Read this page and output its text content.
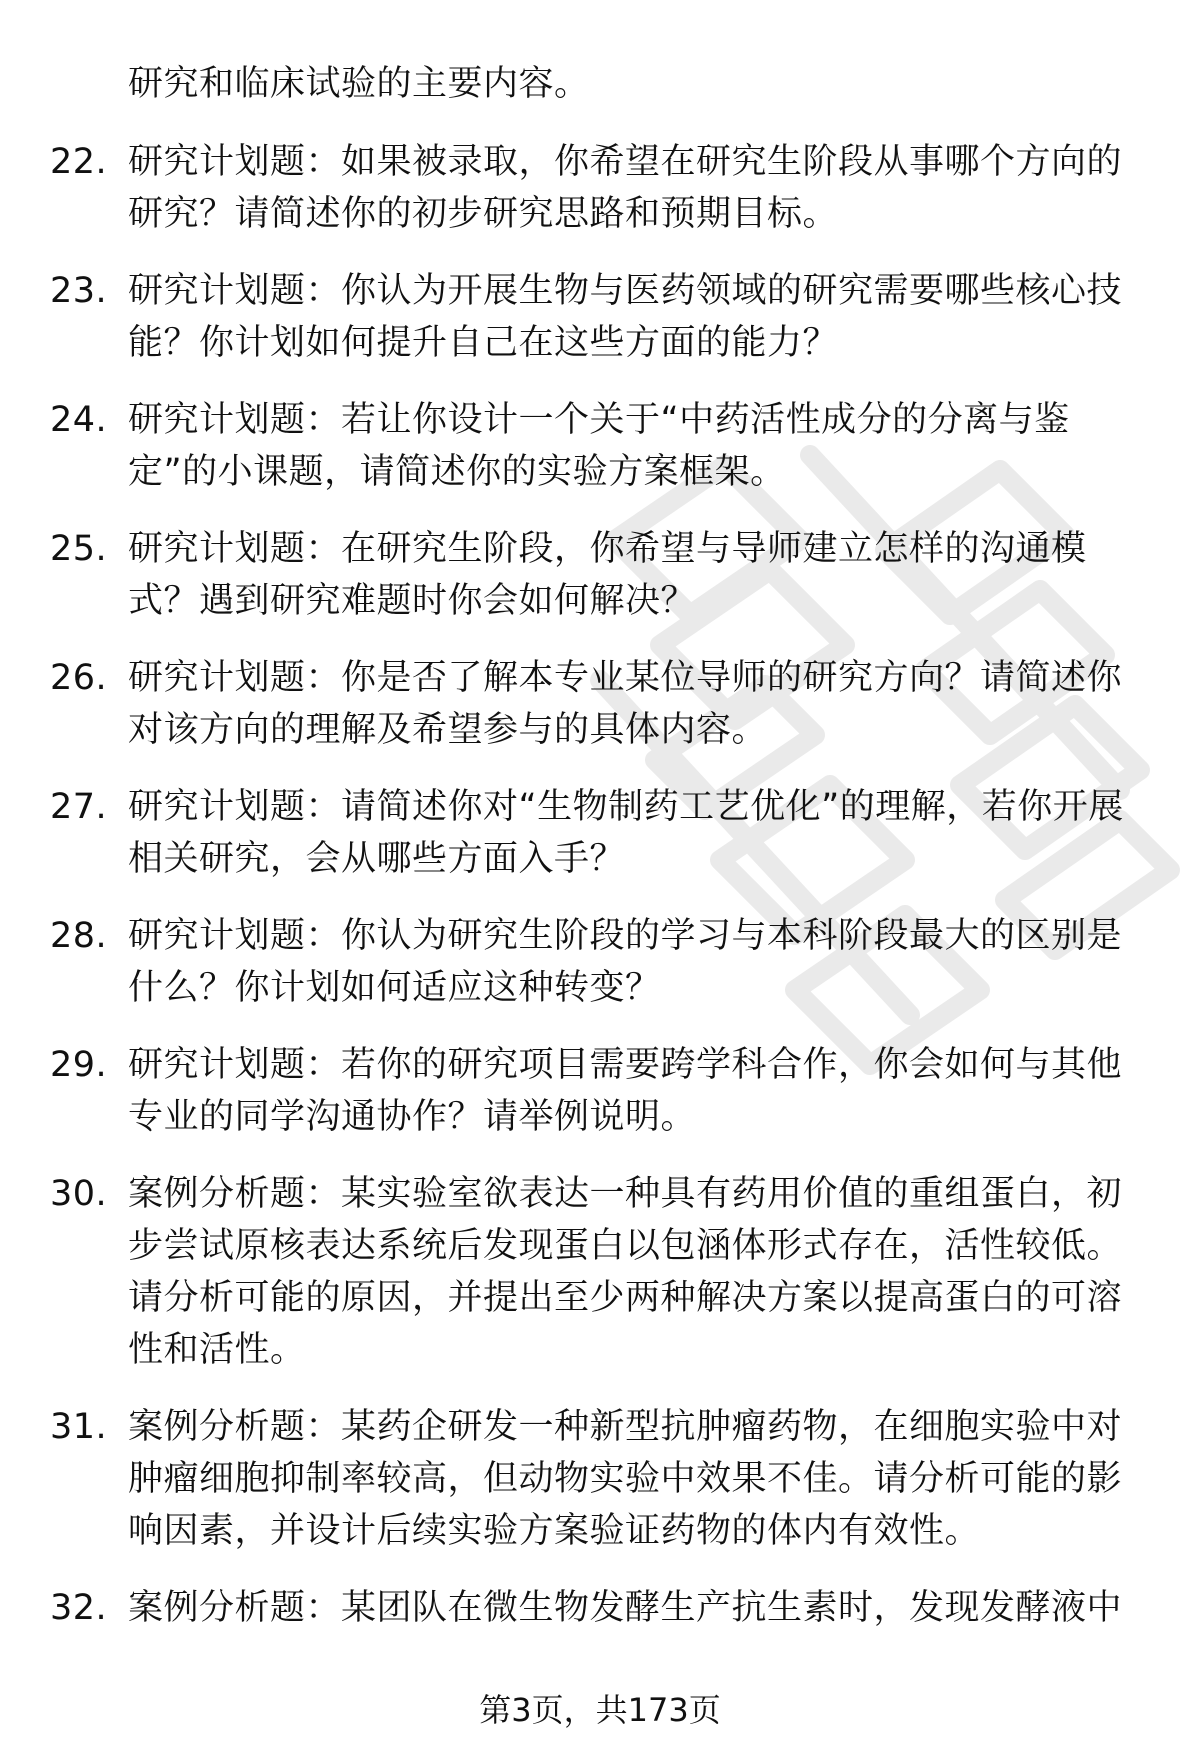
研究和临床试验的主要内容。

22. 研究计划题：如果被录取，你希望在研究生阶段从事哪个方向的研究？请简述你的初步研究思路和预期目标。
23. 研究计划题：你认为开展生物与医药领域的研究需要哪些核心技能？你计划如何提升自己在这些方面的能力？
24. 研究计划题：若让你设计一个关于“中药活性成分的分离与鉴定”的小课题，请简述你的实验方案框架。
25. 研究计划题：在研究生阶段，你希望与导师建立怎样的沟通模式？遇到研究难题时你会如何解决？
26. 研究计划题：你是否了解本专业某位导师的研究方向？请简述你对该方向的理解及希望参与的具体内容。
27. 研究计划题：请简述你对“生物制药工艺优化”的理解，若你开展相关研究，会从哪些方面入手？
28. 研究计划题：你认为研究生阶段的学习与本科阶段最大的区别是什么？你计划如何适应这种转变？
29. 研究计划题：若你的研究项目需要跨学科合作，你会如何与其他专业的同学沟通协作？请举例说明。
30. 案例分析题：某实验室欲表达一种具有药用价值的重组蛋白，初步尝试原核表达系统后发现蛋白以包涵体形式存在，活性较低。请分析可能的原因，并提出至少两种解决方案以提高蛋白的可溶性和活性。
31. 案例分析题：某药企研发一种新型抗肿瘤药物，在细胞实验中对肿瘤细胞抑制率较高，但动物实验中效果不佳。请分析可能的影响因素，并设计后续实验方案验证药物的体内有效性。
32. 案例分析题：某团队在微生物发酵生产抗生素时，发现发酵液中
第3页，共173页
